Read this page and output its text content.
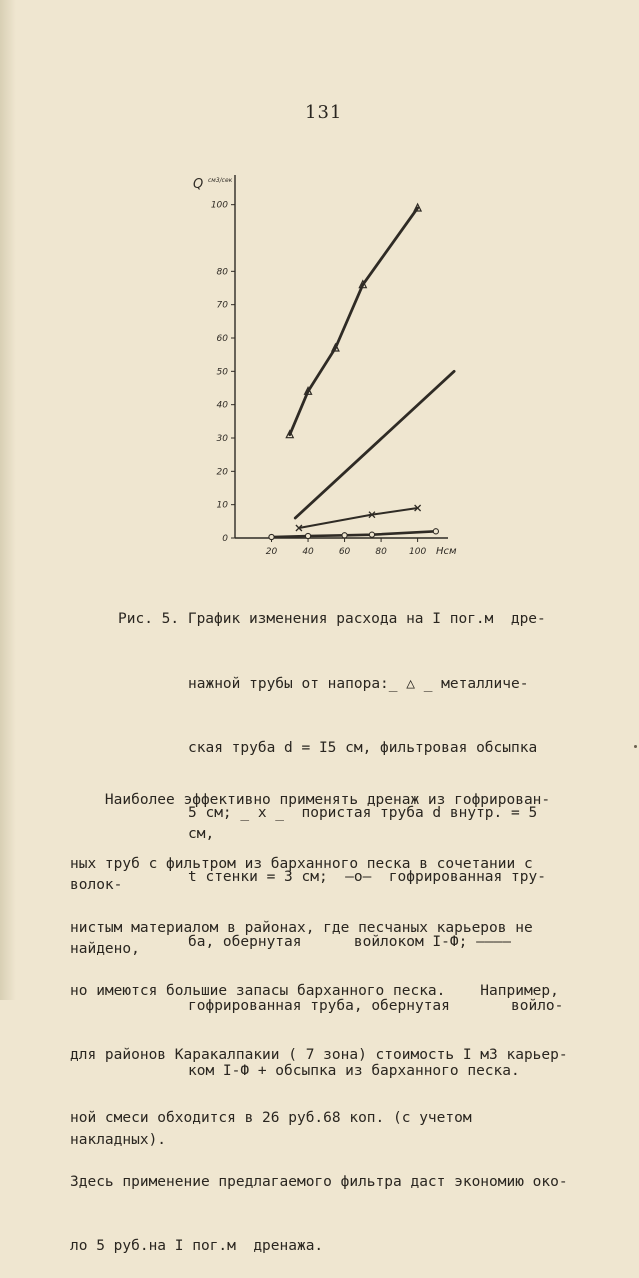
131
0
10
20
30
40
50
60
70
80
100
20	40	60	80 100
Q см3/сек
Hсм

Рис. 5. График изменения расхода на I пог.м  дре-

нажной трубы от напора:_ △ _ металличе-

ская труба d = I5 см, фильтровая обсыпка

5 см; _ x _  пористая труба d внутр. = 5 см,

t стенки = 3 см;  —o—  гофрированная тру-

ба, обернутая      войлоком I-Ф; ————

гофрированная труба, обернутая       войло-

ком I-Ф + обсыпка из барханного песка.

Наиболее эффективно применять дренаж из гофрирован-

ных труб с фильтром из барханного песка в сочетании с волок-

нистым материалом в районах, где песчаных карьеров не найдено,

но имеются большие запасы барханного песка.    Например,

для районов Каракалпакии ( 7 зона) стоимость I м3 карьер-

ной смеси обходится в 26 руб.68 коп. (с учетом накладных).

Здесь применение предлагаемого фильтра даст экономию око-

ло 5 руб.на I пог.м  дренажа.
